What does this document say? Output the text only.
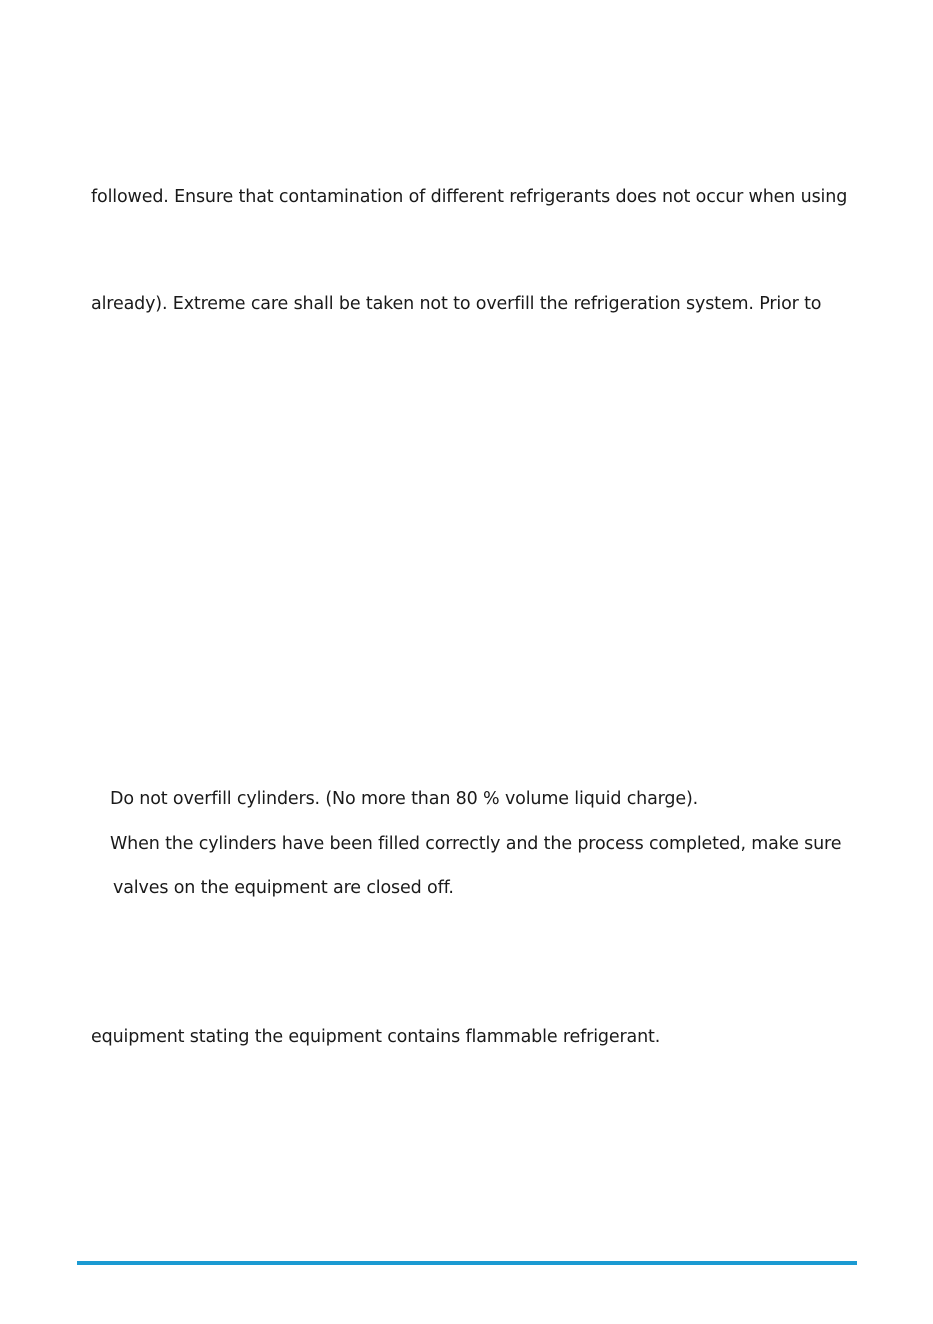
followed. Ensure that contamination of different refrigerants does not occur when using

already). Extreme care shall be taken not to overfill the refrigeration system. Prior to

Do not overfill cylinders. (No more than 80 % volume liquid charge).

When the cylinders have been filled correctly and the process completed, make sure

valves on the equipment are closed off.

equipment stating the equipment contains flammable refrigerant.
